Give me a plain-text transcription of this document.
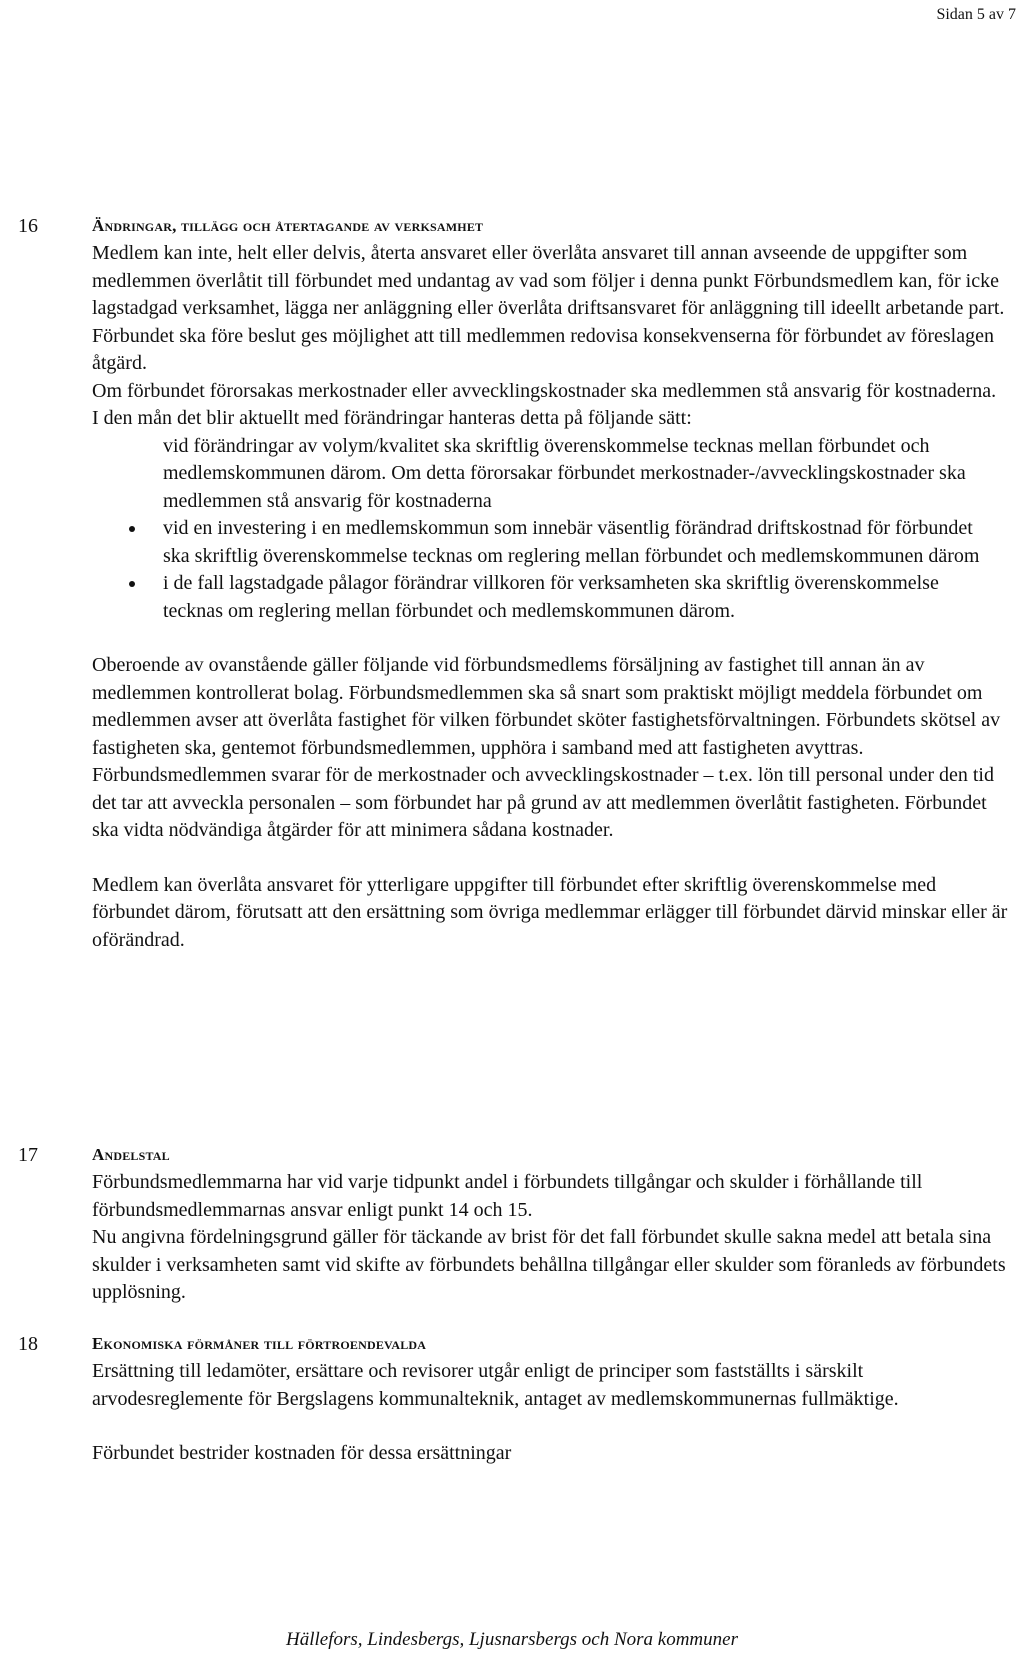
Sidan 5 av 7
16	Ändringar, tillägg och återtagande av verksamhet

Medlem kan inte, helt eller delvis, återta ansvaret eller överlåta ansvaret till annan avseende de uppgifter som medlemmen överlåtit till förbundet med undantag av vad som följer i denna punkt Förbundsmedlem kan, för icke lagstadgad verksamhet, lägga ner anläggning eller överlåta driftsansvaret för anläggning till ideellt arbetande part.

Förbundet ska före beslut ges möjlighet att till medlemmen redovisa konsekvenserna för förbundet av föreslagen åtgärd.

Om förbundet förorsakas merkostnader eller avvecklingskostnader ska medlemmen stå ansvarig för kostnaderna.

I den mån det blir aktuellt med förändringar hanteras detta på följande sätt:

vid förändringar av volym/kvalitet ska skriftlig överenskommelse tecknas mellan förbundet och medlemskommunen därom. Om detta förorsakar förbundet merkostnader-/avvecklingskostnader ska medlemmen stå ansvarig för kostnaderna
vid en investering i en medlemskommun som innebär väsentlig förändrad driftskostnad för förbundet ska skriftlig överenskommelse tecknas om reglering mellan förbundet och medlemskommunen därom
i de fall lagstadgade pålagor förändrar villkoren för verksamheten ska skriftlig överenskommelse tecknas om reglering mellan förbundet och medlemskommunen därom.

Oberoende av ovanstående gäller följande vid förbundsmedlems försäljning av fastighet till annan än av medlemmen kontrollerat bolag. Förbundsmedlemmen ska så snart som praktiskt möjligt meddela förbundet om medlemmen avser att överlåta fastighet för vilken förbundet sköter fastighetsförvaltningen. Förbundets skötsel av fastigheten ska, gentemot förbundsmedlemmen, upphöra i samband med att fastigheten avyttras. Förbundsmedlemmen svarar för de merkostnader och avvecklingskostnader – t.ex. lön till personal under den tid det tar att avveckla personalen – som förbundet har på grund av att medlemmen överlåtit fastigheten. Förbundet ska vidta nödvändiga åtgärder för att minimera sådana kostnader.

Medlem kan överlåta ansvaret för ytterligare uppgifter till förbundet efter skriftlig överenskommelse med förbundet därom, förutsatt att den ersättning som övriga medlemmar erlägger till förbundet därvid minskar eller är oförändrad.

17	Andelstal

Förbundsmedlemmarna har vid varje tidpunkt andel i förbundets tillgångar och skulder i förhållande till förbundsmedlemmarnas ansvar enligt punkt 14 och 15.

Nu angivna fördelningsgrund gäller för täckande av brist för det fall förbundet skulle sakna medel att betala sina skulder i verksamheten samt vid skifte av förbundets behållna tillgångar eller skulder som föranleds av förbundets upplösning.

18	Ekonomiska förmåner till förtroendevalda

Ersättning till ledamöter, ersättare och revisorer utgår enligt de principer som fastställts i särskilt arvodesreglemente för Bergslagens kommunalteknik, antaget av medlemskommunernas fullmäktige.

Förbundet bestrider kostnaden för dessa ersättningar

Hällefors, Lindesbergs, Ljusnarsbergs och Nora kommuner
